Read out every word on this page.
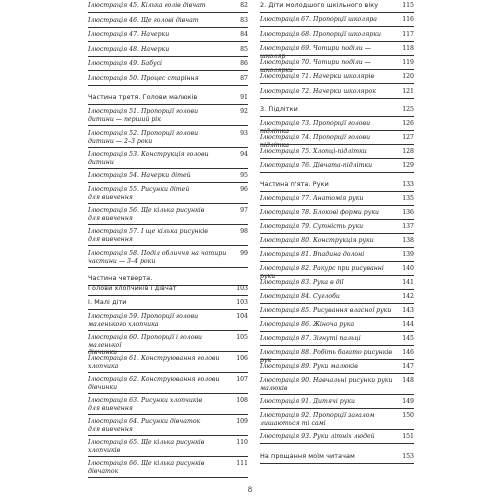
Ілюстрація 45. Кілька голів дівчат	82
Ілюстрація 46. Ще голові дівчат	83
Ілюстрація 47. Начерки	84
Ілюстрація 48. Начерки	85
Ілюстрація 49. Бабусі	86
Ілюстрація 50. Процес старіння	87
Частина третя. Голови малюків	91
Ілюстрація 51. Пропорції голови
дитини — перший рік
92
Ілюстрація 52. Пропорції голови
дитини — 2–3 роки
93
Ілюстрація 53. Конструкція голови
дитини
94
Ілюстрація 54. Начерки дітей	95
Ілюстрація 55. Рисунки дітей
для вивчення
96
Ілюстрація 56. Ще кілька рисунків
для вивчення
97
Ілюстрація 57. І ще кілька рисунків
для вивчення
98
Ілюстрація 58. Поділ обличчя на чотири
частини — 3–4 роки
99
Частина четверта.
Голови хлопчиків і дівчат	103
І. Малі діти	103
Ілюстрація 59. Пропорції голови
маленького хлопчика
104
Ілюстрація 60. Пропорції і голови маленької
дівчинки
105
Ілюстрація 61. Конструювання голови
хлопчика
106
Ілюстрація 62. Конструювання голови
дівчинки
107
Ілюстрація 63. Рисунки хлопчиків
для вивчення
108
Ілюстрація 64. Рисунки дівчаток
для вивчення
109
Ілюстрація 65. Ще кілька рисунків
хлопчиків
110
Ілюстрація 66. Ще кілька рисунків
дівчаток
111
2. Діти молодшого шкільного віку	115
Ілюстрація 67. Пропорції школяра	116
Ілюстрація 68. Пропорції школярки	117
Ілюстрація 69. Чотири поділи — школяр
118
Ілюстрація 70. Чотири поділи — школярки
119
Ілюстрація 71. Начерки школярів	120
Ілюстрація 72. Начерки школярок	121
3. Підлітки	125
Ілюстрація 73. Пропорції голови підлітка
126
Ілюстрація 74. Пропорції голови підлітка
127
Ілюстрація 75. Хлопці-підлітки	128
Ілюстрація 76. Дівчата-підлітки	129
Частина п'ята. Руки	133
Ілюстрація 77. Анатомія руки	135
Ілюстрація 78. Блокові форми руки	136
Ілюстрація 79. Сутність руки	137
Ілюстрація 80. Конструкція руки	138
Ілюстрація 81. Впадина долоні	139
Ілюстрація 82. Ракурс при рисуванні руки
140
Ілюстрація 83. Рука в дії	141
Ілюстрація 84. Суглоби	142
Ілюстрація 85. Рисування власної руки	143
Ілюстрація 86. Жіноча рука	144
Ілюстрація 87. Зігнуті пальці	145
Ілюстрація 88. Робіть багато рисунків рук
146
Ілюстрація 89. Руки малюків	147
Ілюстрація 90. Навчальні рисунки руки
малюків
148
Ілюстрація 91. Дитячі руки	149
Ілюстрація 92. Пропорції загалом
лишаються ті самі
150
Ілюстрація 93. Руки літніх людей	151
На прощання моїм читачам	153
8
